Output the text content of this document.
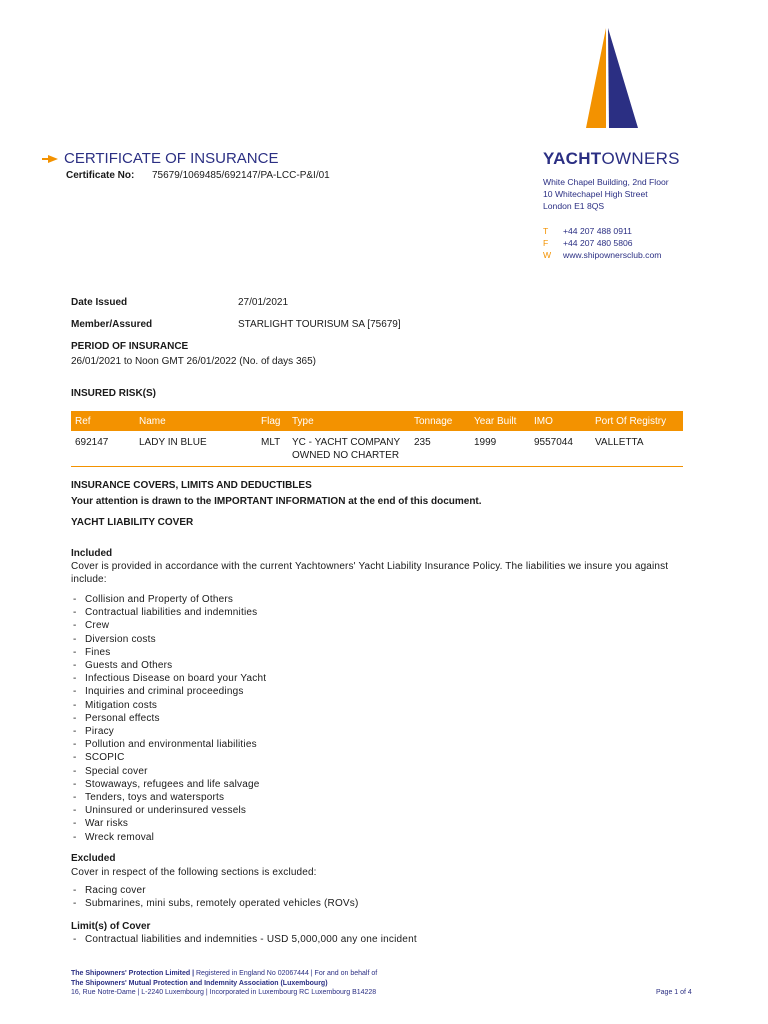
YACHTOWNERS
White Chapel Building, 2nd Floor
10 Whitechapel High Street
London E1 8QS
T +44 207 488 0911
F +44 207 480 5806
W www.shipownersclub.com
CERTIFICATE OF INSURANCE
Certificate No: 75679/1069485/692147/PA-LCC-P&I/01
Date Issued	27/01/2021
Member/Assured	STARLIGHT TOURISUM SA [75679]
PERIOD OF INSURANCE
26/01/2021 to Noon GMT 26/01/2022 (No. of days 365)
INSURED RISK(S)
Ref	Name	Flag	Type	Tonnage	Year Built	IMO	Port Of Registry
692147	LADY IN BLUE	MLT	YC - YACHT COMPANY OWNED NO CHARTER	235	1999	9557044	VALLETTA
INSURANCE COVERS, LIMITS AND DEDUCTIBLES
Your attention is drawn to the IMPORTANT INFORMATION at the end of this document.
YACHT LIABILITY COVER
Included
Cover is provided in accordance with the current Yachtowners' Yacht Liability Insurance Policy. The liabilities we insure you against include:
- Collision and Property of Others
- Contractual liabilities and indemnities
- Crew
- Diversion costs
- Fines
- Guests and Others
- Infectious Disease on board your Yacht
- Inquiries and criminal proceedings
- Mitigation costs
- Personal effects
- Piracy
- Pollution and environmental liabilities
- SCOPIC
- Special cover
- Stowaways, refugees and life salvage
- Tenders, toys and watersports
- Uninsured or underinsured vessels
- War risks
- Wreck removal
Excluded
Cover in respect of the following sections is excluded:
- Racing cover
- Submarines, mini subs, remotely operated vehicles (ROVs)
Limit(s) of Cover
- Contractual liabilities and indemnities - USD 5,000,000 any one incident
The Shipowners' Protection Limited | Registered in England No 02067444 | For and on behalf of
The Shipowners' Mutual Protection and Indemnity Association (Luxembourg)
16, Rue Notre-Dame | L-2240 Luxembourg | Incorporated in Luxembourg RC Luxembourg B14228	Page 1 of 4
